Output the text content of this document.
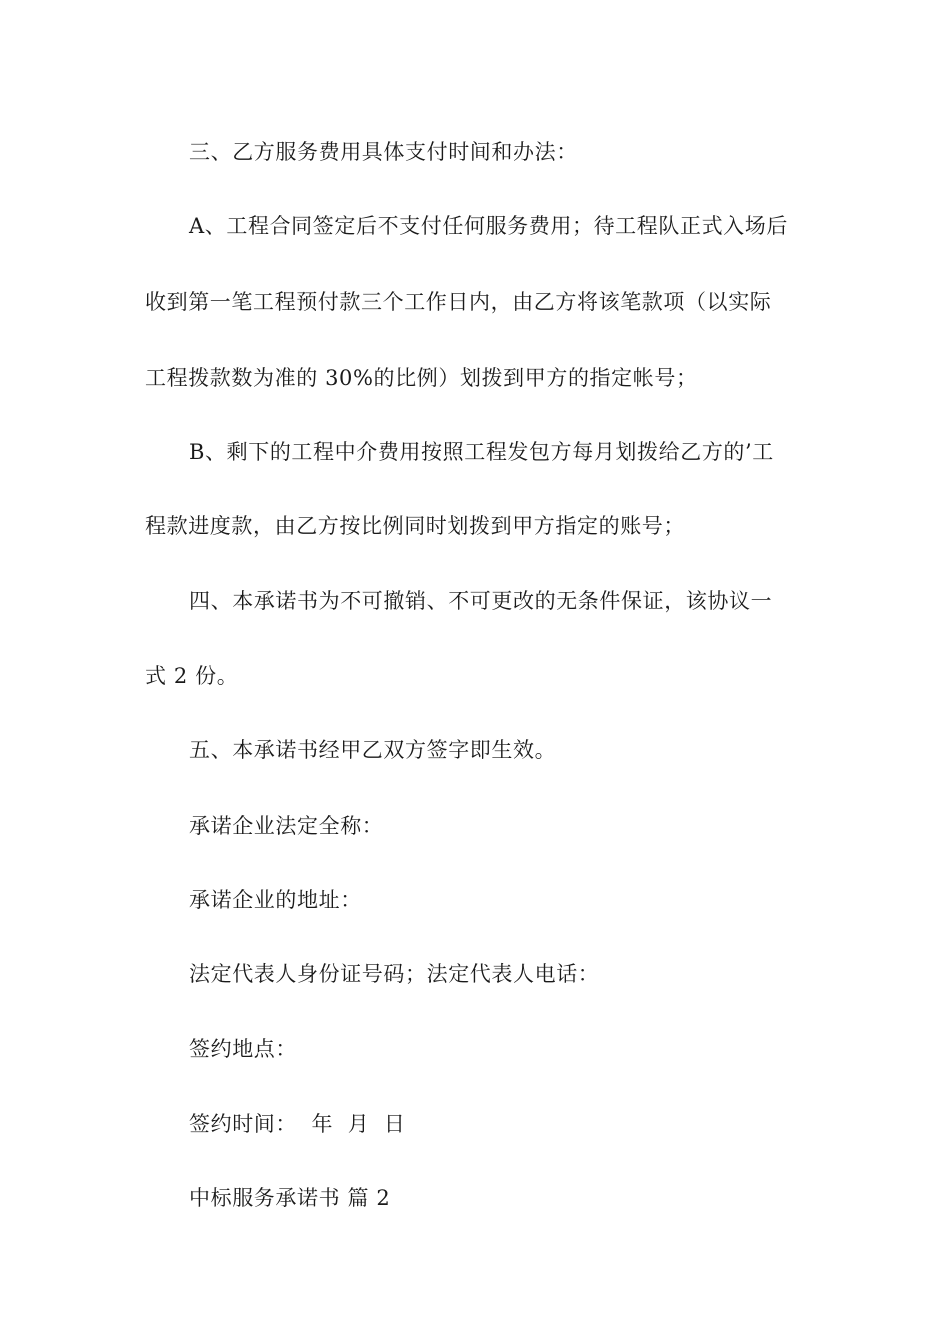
三、乙方服务费用具体支付时间和办法：
A、工程合同签定后不支付任何服务费用；待工程队正式入场后
收到第一笔工程预付款三个工作日内，由乙方将该笔款项（以实际
工程拨款数为准的 30%的比例）划拨到甲方的指定帐号；
B、剩下的工程中介费用按照工程发包方每月划拨给乙方的’工
程款进度款，由乙方按比例同时划拨到甲方指定的账号；
四、本承诺书为不可撤销、不可更改的无条件保证，该协议一
式 2 份。
五、本承诺书经甲乙双方签字即生效。
承诺企业法定全称：
承诺企业的地址：
法定代表人身份证号码；法定代表人电话：
签约地点：
签约时间：  年  月  日
中标服务承诺书 篇 2
